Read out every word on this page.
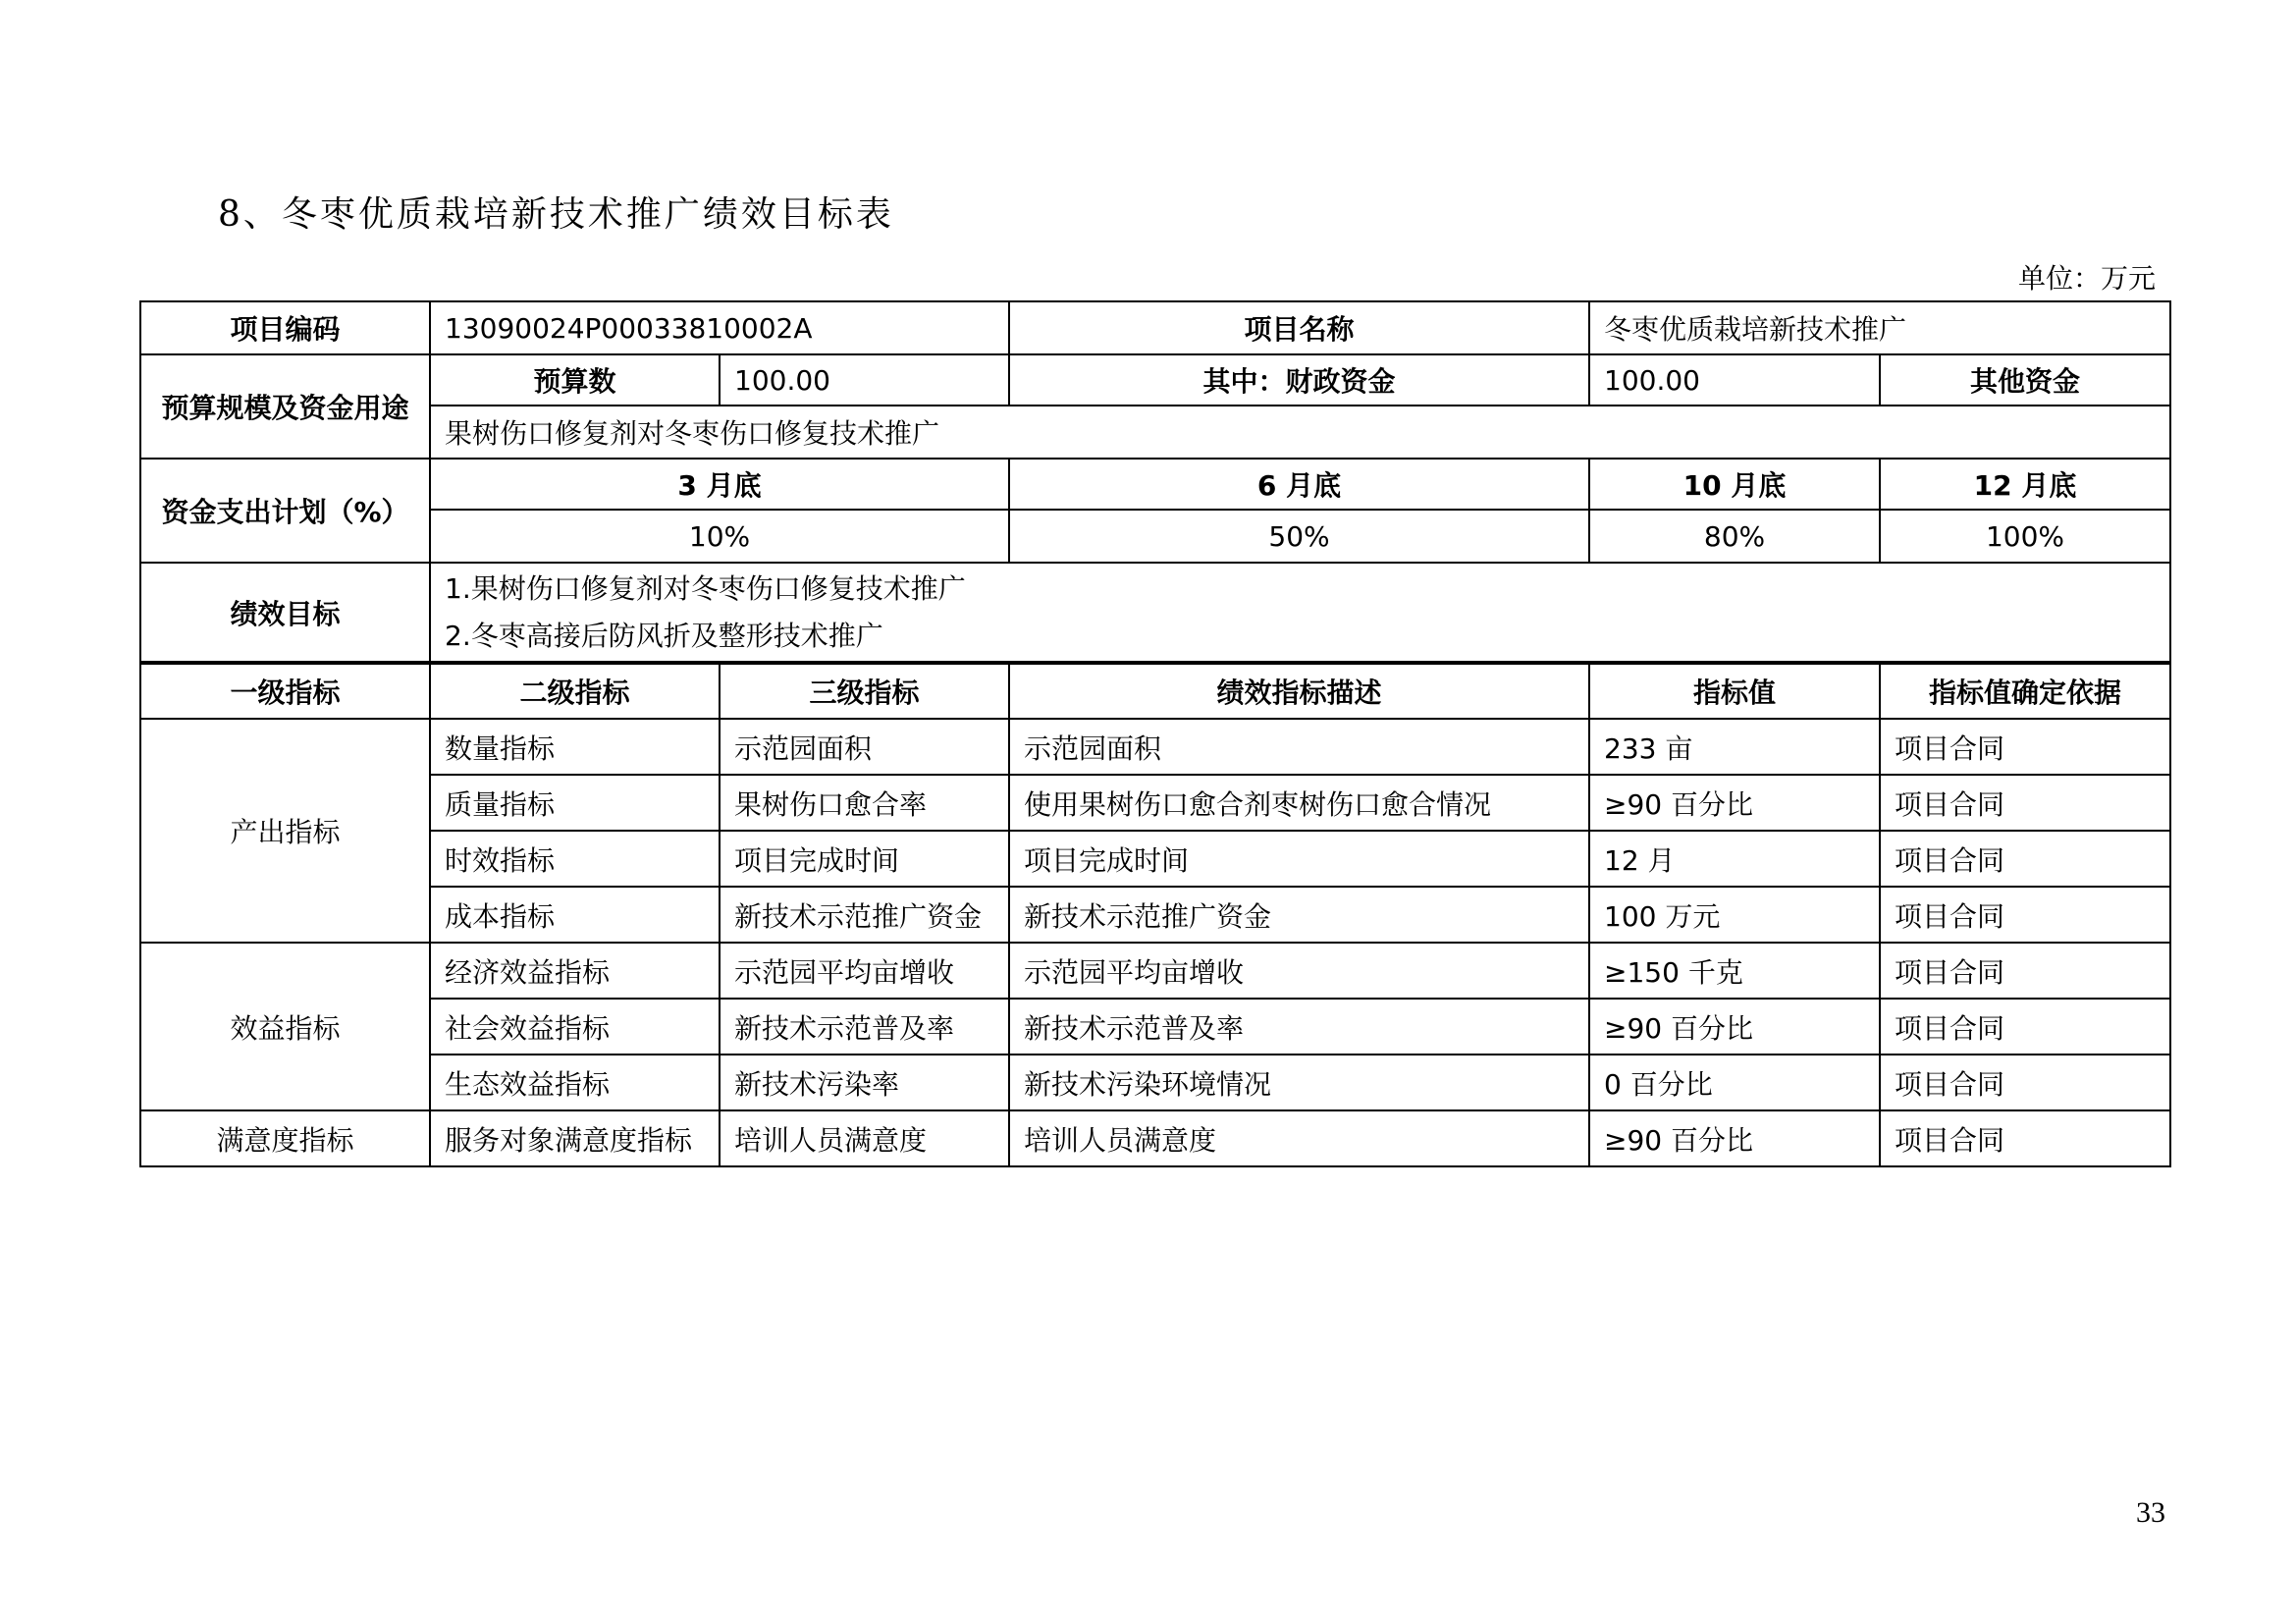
8、冬枣优质栽培新技术推广绩效目标表
单位：万元
项目编码	13090024P00033810002A		项目名称	冬枣优质栽培新技术推广		
预算规模及资金用途	预算数	100.00	其中：财政资金	100.00	其他资金	
	果树伤口修复剂对冬枣伤口修复技术推广					
资金支出计划（%）	3 月底		6 月底	10 月底	12 月底	
	10%		50%	80%	100%	
绩效目标	1.果树伤口修复剂对冬枣伤口修复技术推广
2.冬枣高接后防风折及整形技术推广					

一级指标	二级指标	三级指标	绩效指标描述	指标值	指标值确定依据	
产出指标	数量指标	示范园面积	示范园面积	233 亩	项目合同	
	质量指标	果树伤口愈合率	使用果树伤口愈合剂枣树伤口愈合情况	≥90 百分比	项目合同	
	时效指标	项目完成时间	项目完成时间	12 月	项目合同	
	成本指标	新技术示范推广资金	新技术示范推广资金	100 万元	项目合同	
效益指标	经济效益指标	示范园平均亩增收	示范园平均亩增收	≥150 千克	项目合同	
	社会效益指标	新技术示范普及率	新技术示范普及率	≥90 百分比	项目合同	
	生态效益指标	新技术污染率	新技术污染环境情况	0 百分比	项目合同	
满意度指标	服务对象满意度指标	培训人员满意度	培训人员满意度	≥90 百分比	项目合同	
33
